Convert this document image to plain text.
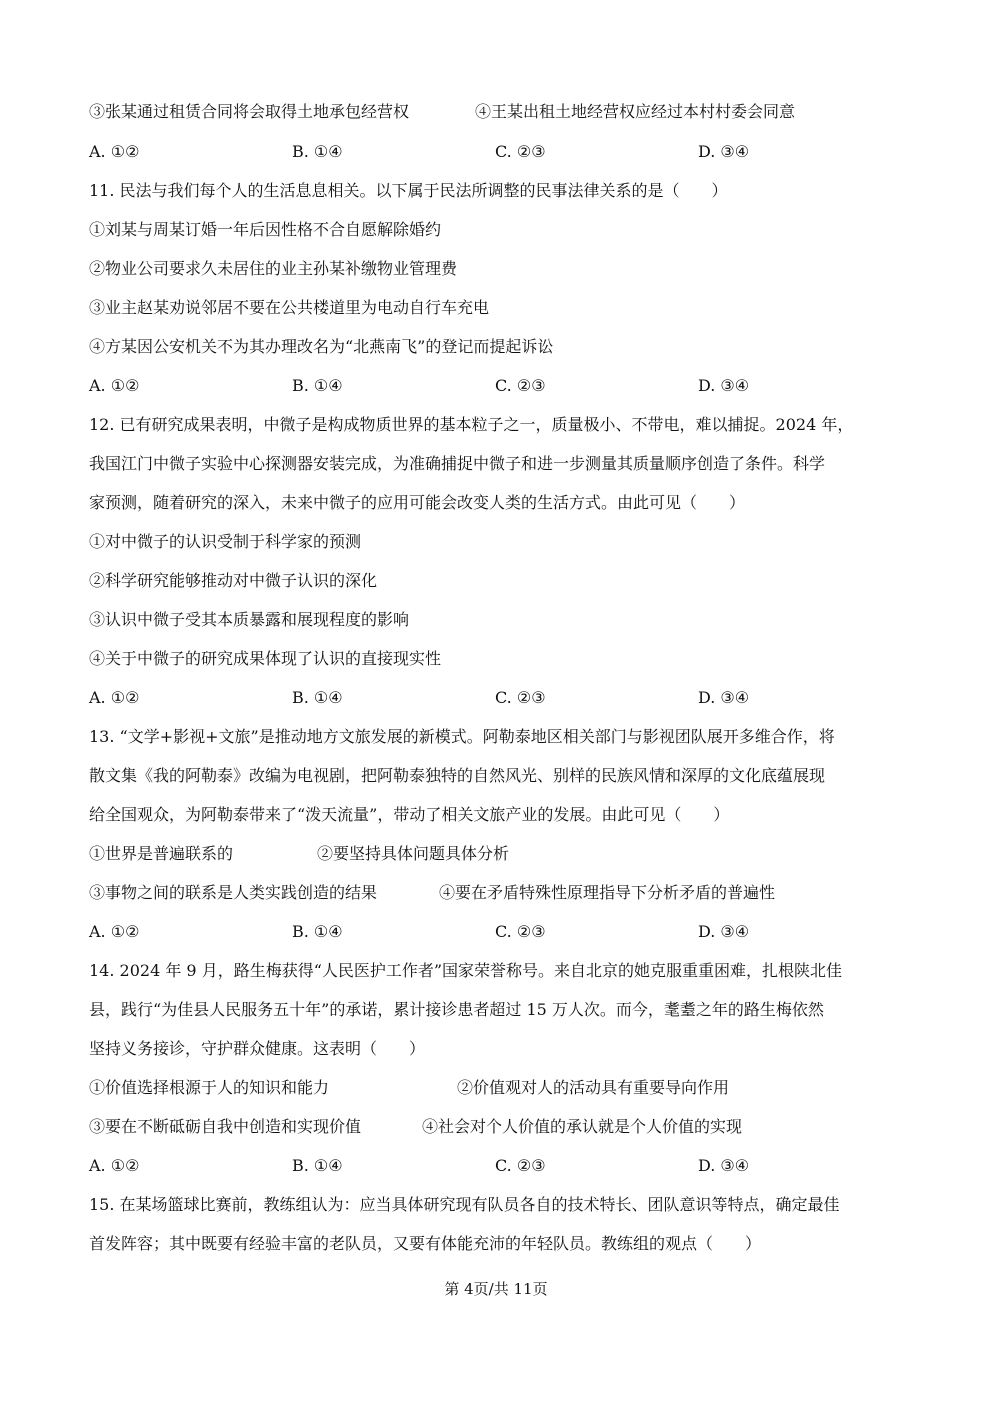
③张某通过租赁合同将会取得土地承包经营权	④王某出租土地经营权应经过本村村委会同意
A. ①②	B. ①④	C. ②③	D. ③④
11. 民法与我们每个人的生活息息相关。以下属于民法所调整的民事法律关系的是（　　）
①刘某与周某订婚一年后因性格不合自愿解除婚约
②物业公司要求久未居住的业主孙某补缴物业管理费
③业主赵某劝说邻居不要在公共楼道里为电动自行车充电
④方某因公安机关不为其办理改名为“北燕南飞”的登记而提起诉讼
A. ①②	B. ①④	C. ②③	D. ③④
12. 已有研究成果表明，中微子是构成物质世界的基本粒子之一，质量极小、不带电，难以捕捉。2024 年，
我国江门中微子实验中心探测器安装完成，为准确捕捉中微子和进一步测量其质量顺序创造了条件。科学
家预测，随着研究的深入，未来中微子的应用可能会改变人类的生活方式。由此可见（　　）
①对中微子的认识受制于科学家的预测
②科学研究能够推动对中微子认识的深化
③认识中微子受其本质暴露和展现程度的影响
④关于中微子的研究成果体现了认识的直接现实性
A. ①②	B. ①④	C. ②③	D. ③④
13. “文学+影视+文旅”是推动地方文旅发展的新模式。阿勒泰地区相关部门与影视团队展开多维合作，将
散文集《我的阿勒泰》改编为电视剧，把阿勒泰独特的自然风光、别样的民族风情和深厚的文化底蕴展现
给全国观众，为阿勒泰带来了“泼天流量”，带动了相关文旅产业的发展。由此可见（　　）
①世界是普遍联系的	②要坚持具体问题具体分析
③事物之间的联系是人类实践创造的结果	④要在矛盾特殊性原理指导下分析矛盾的普遍性
A. ①②	B. ①④	C. ②③	D. ③④
14. 2024 年 9 月，路生梅获得“人民医护工作者”国家荣誉称号。来自北京的她克服重重困难，扎根陕北佳
县，践行“为佳县人民服务五十年”的承诺，累计接诊患者超过 15 万人次。而今，耄耋之年的路生梅依然
坚持义务接诊，守护群众健康。这表明（　　）
①价值选择根源于人的知识和能力	②价值观对人的活动具有重要导向作用
③要在不断砥砺自我中创造和实现价值	④社会对个人价值的承认就是个人价值的实现
A. ①②	B. ①④	C. ②③	D. ③④
15. 在某场篮球比赛前，教练组认为：应当具体研究现有队员各自的技术特长、团队意识等特点，确定最佳
首发阵容；其中既要有经验丰富的老队员，又要有体能充沛的年轻队员。教练组的观点（　　）
第 4页/共 11页
